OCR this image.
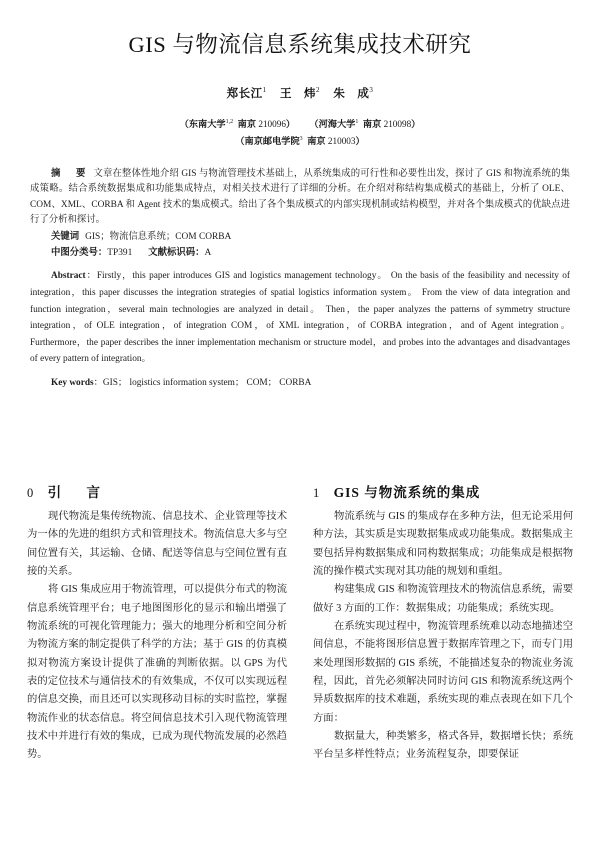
GIS 与物流信息系统集成技术研究
郑长江$^1$ 王　炜$^2$ 朱　成$^3$
（东南大学$^{1,2}$ 南京 210096） （河海大学$^1$ 南京 210098）
（南京邮电学院$^3$ 南京 210003）

摘　要 文章在整体性地介绍 GIS 与物流管理技术基础上，从系统集成的可行性和必要性出发，探讨了 GIS 和物流系统的集成策略。结合系统数据集成和功能集成特点，对相关技术进行了详细的分析。在介绍对称结构集成模式的基础上，分析了 OLE、COM、XML、CORBA 和 Agent 技术的集成模式。给出了各个集成模式的内部实现机制或结构模型，并对各个集成模式的优缺点进行了分析和探讨。

关键词 GIS；物流信息系统；COM CORBA

中图分类号：TP391 文献标识码：A

Abstract：Firstly，this paper introduces GIS and logistics management technology。 On the basis of the feasibility and necessity of integration，this paper discusses the integration strategies of spatial logistics information system。 From the view of data integration and function integration，several main technologies are analyzed in detail。 Then，the paper analyzes the patterns of symmetry structure integration，of OLE integration，of integration COM，of XML integration，of CORBA integration，and of Agent integration。 Furthermore，the paper describes the inner implementation mechanism or structure model，and probes into the advantages and disadvantages of every pattern of integration。

Key words：GIS； logistics information system； COM； CORBA

0 引　言

现代物流是集传统物流、信息技术、企业管理等技术为一体的先进的组织方式和管理技术。物流信息大多与空间位置有关，其运输、仓储、配送等信息与空间位置有直接的关系。

将 GIS 集成应用于物流管理，可以提供分布式的物流信息系统管理平台；电子地图图形化的显示和输出增强了物流系统的可视化管理能力；强大的地理分析和空间分析为物流方案的制定提供了科学的方法；基于 GIS 的仿真模拟对物流方案设计提供了准确的判断依据。以 GPS 为代表的定位技术与通信技术的有效集成，不仅可以实现远程的信息交换，而且还可以实现移动目标的实时监控，掌握物流作业的状态信息。将空间信息技术引入现代物流管理技术中并进行有效的集成，已成为现代物流发展的必然趋势。

1 GIS 与物流系统的集成

物流系统与 GIS 的集成存在多种方法，但无论采用何种方法，其实质是实现数据集成或功能集成。数据集成主要包括异构数据集成和同构数据集成；功能集成是根据物流的操作模式实现对其功能的规划和重组。

构建集成 GIS 和物流管理技术的物流信息系统，需要做好 3 方面的工作：数据集成；功能集成；系统实现。

在系统实现过程中，物流管理系统难以动态地描述空间信息，不能将图形信息置于数据库管理之下，而专门用来处理图形数据的 GIS 系统，不能描述复杂的物流业务流程，因此，首先必须解决同时访问 GIS 和物流系统这两个异质数据库的技术难题，系统实现的难点表现在如下几个方面：

数据量大，种类繁多，格式各异，数据增长快；系统平台呈多样性特点；业务流程复杂，即要保证
